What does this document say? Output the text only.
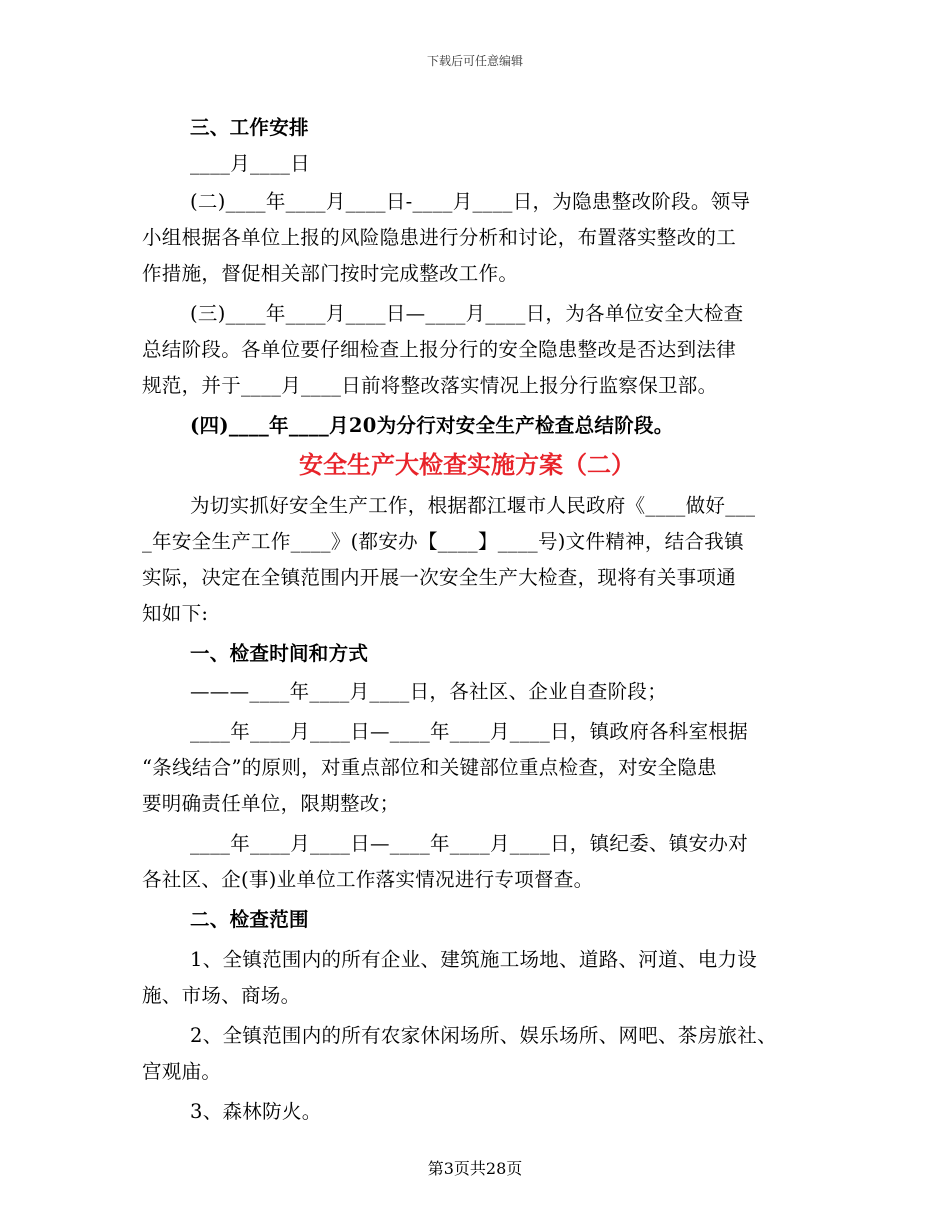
下载后可任意编辑
三、工作安排
____月____日
(二)____年____月____日-____月____日，为隐患整改阶段。领导
小组根据各单位上报的风险隐患进行分析和讨论，布置落实整改的工
作措施，督促相关部门按时完成整改工作。
(三)____年____月____日—____月____日，为各单位安全大检查
总结阶段。各单位要仔细检查上报分行的安全隐患整改是否达到法律
规范，并于____月____日前将整改落实情况上报分行监察保卫部。
(四)____年____月20为分行对安全生产检查总结阶段。
安全生产大检查实施方案（二）
为切实抓好安全生产工作，根据都江堰市人民政府《____做好___
_年安全生产工作____》(都安办【____】____号)文件精神，结合我镇
实际，决定在全镇范围内开展一次安全生产大检查，现将有关事项通
知如下:
一、检查时间和方式
———____年____月____日，各社区、企业自查阶段；
____年____月____日—____年____月____日，镇政府各科室根据
“条线结合”的原则，对重点部位和关键部位重点检查，对安全隐患
要明确责任单位，限期整改；
____年____月____日—____年____月____日，镇纪委、镇安办对
各社区、企(事)业单位工作落实情况进行专项督查。
二、检查范围
1、全镇范围内的所有企业、建筑施工场地、道路、河道、电力设
施、市场、商场。
2、全镇范围内的所有农家休闲场所、娱乐场所、网吧、茶房旅社、
宫观庙。
3、森林防火。
第3页共28页
